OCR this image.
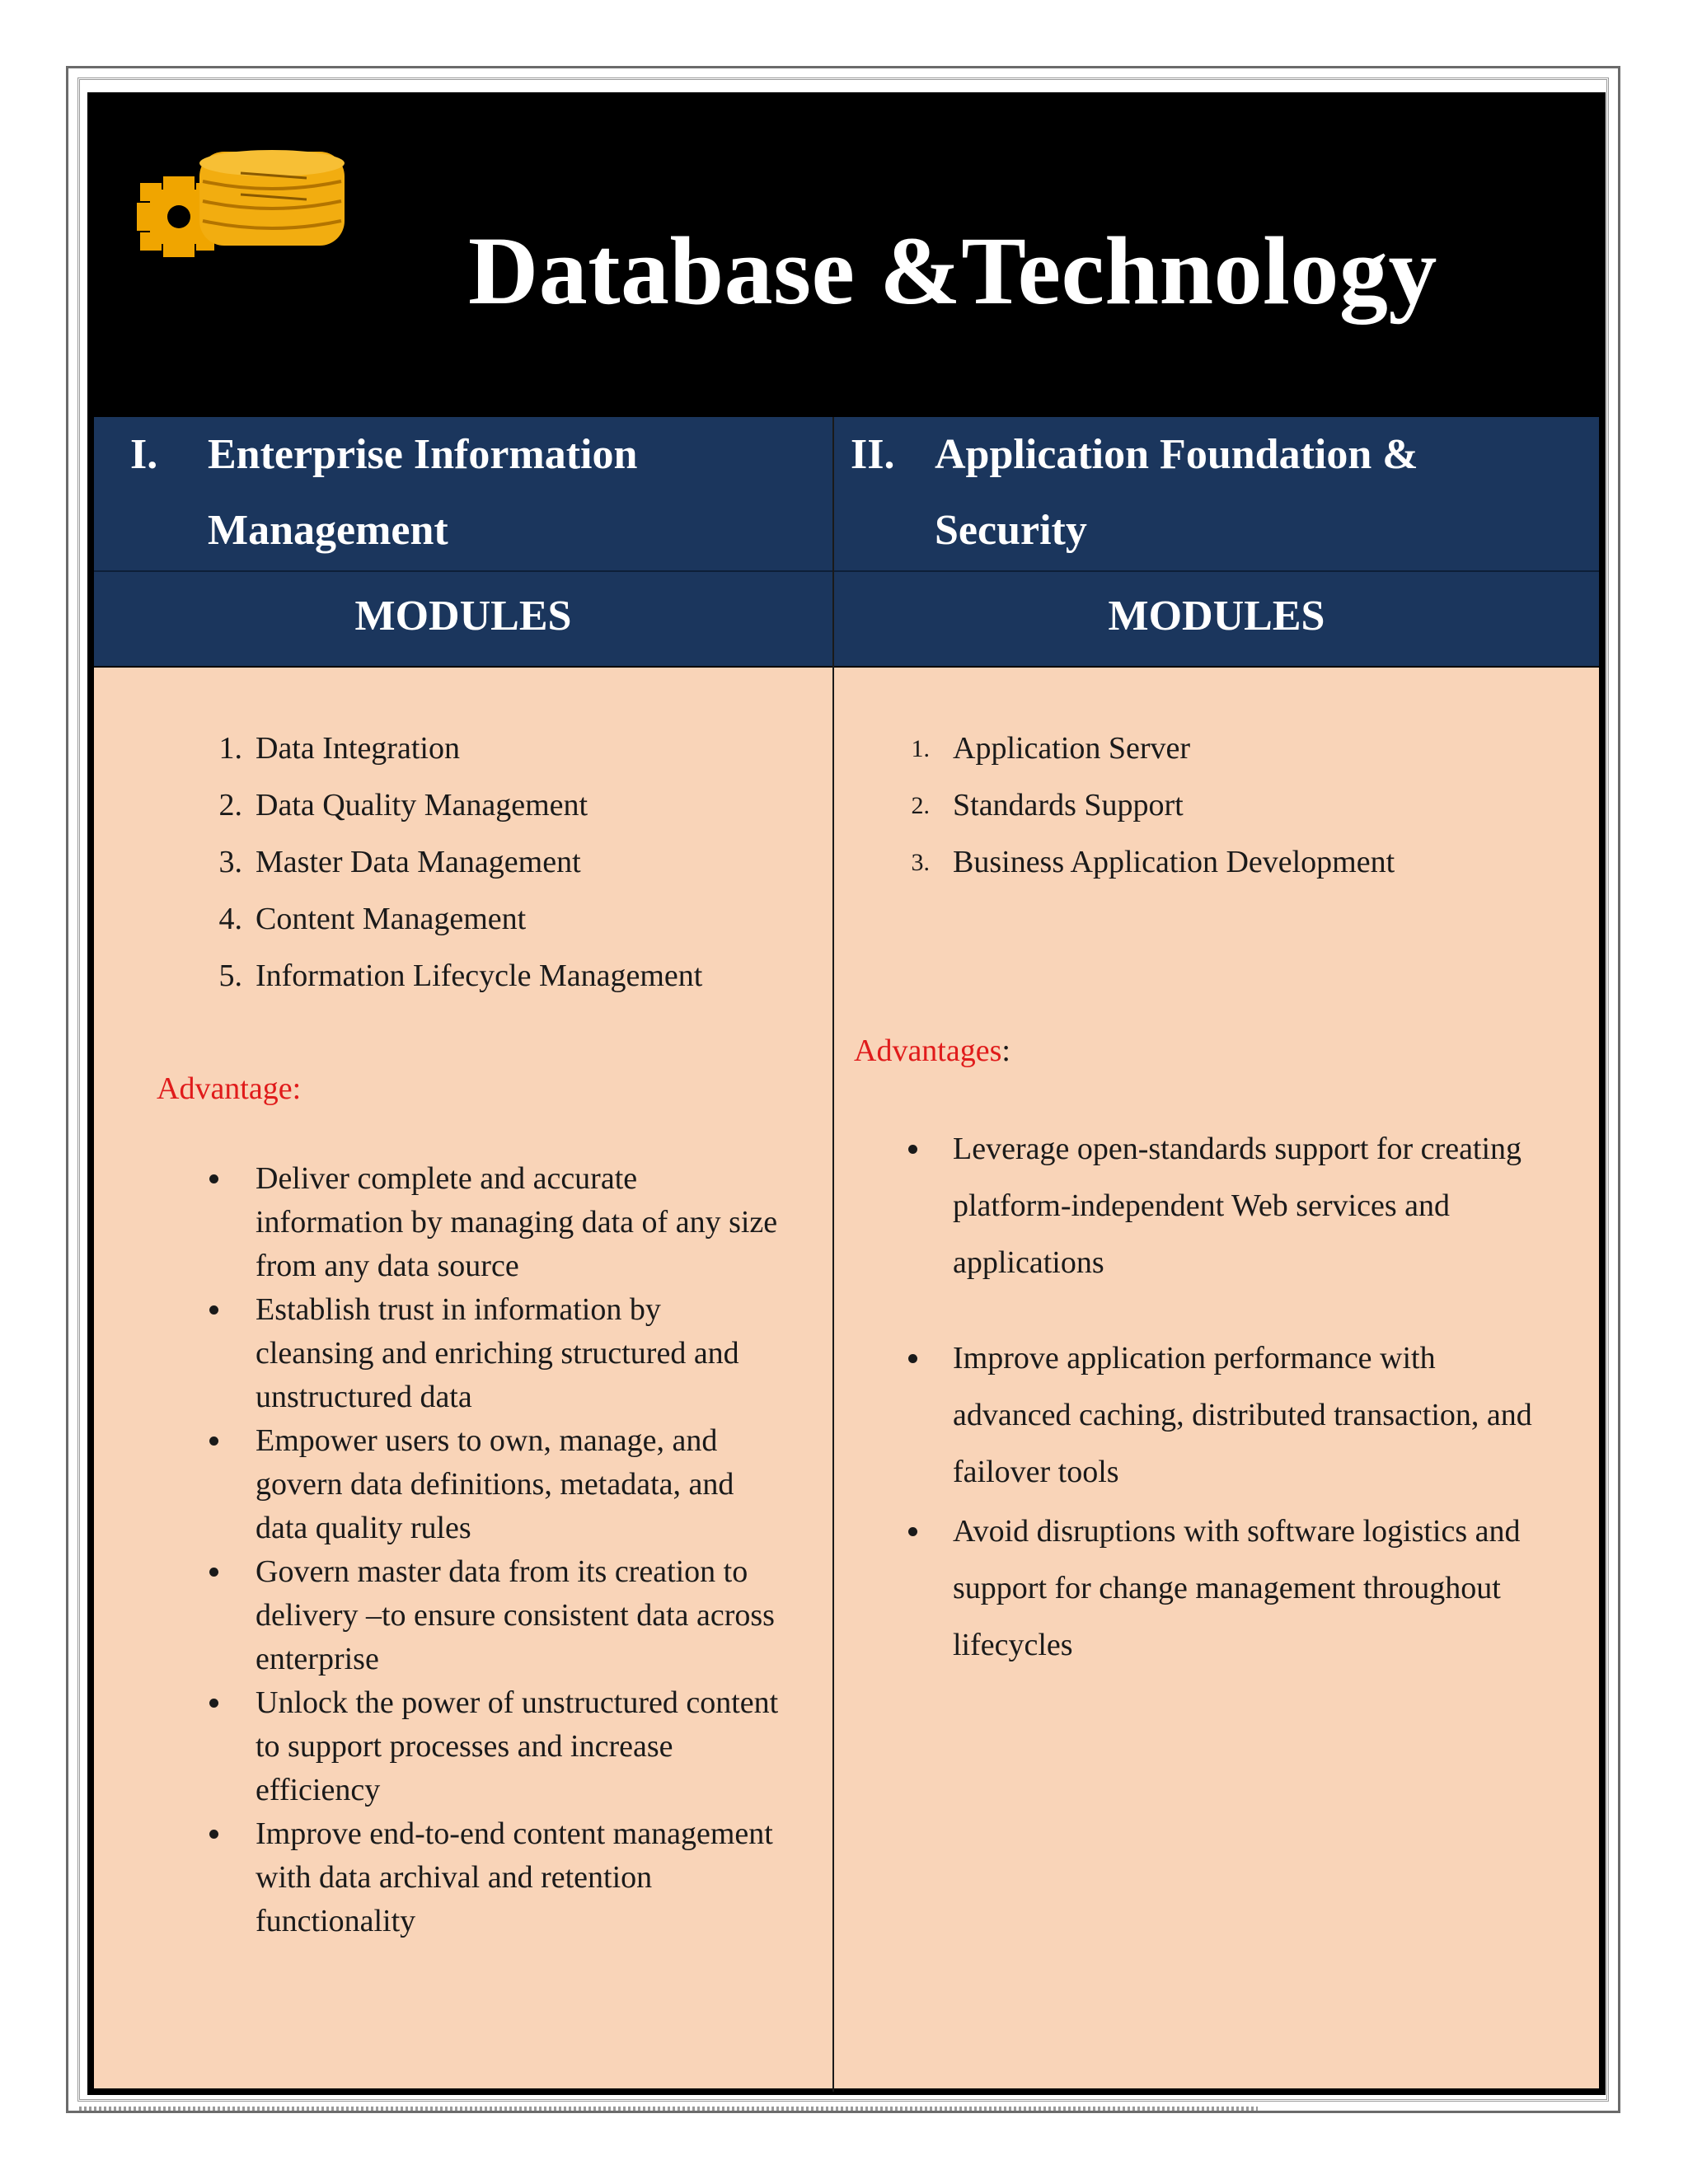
Database &Technology
I. Enterprise Information
Management
II. Application Foundation &
Security
MODULES	MODULES
1. Data Integration
2. Data Quality Management
3. Master Data Management
4. Content Management
5. Information Lifecycle Management
Advantage:
Deliver complete and accurate
information by managing data of any size
from any data source
Establish trust in information by
cleansing and enriching structured and
unstructured data
Empower users to own, manage, and
govern data definitions, metadata, and
data quality rules
Govern master data from its creation to
delivery –to ensure consistent data across
enterprise
Unlock the power of unstructured content
to support processes and increase
efficiency
Improve end-to-end content management
with data archival and retention
functionality
1. Application Server
2. Standards Support
3. Business Application Development
Advantages:
Leverage open-standards support for creating
platform-independent Web services and
applications
Improve application performance with
advanced caching, distributed transaction, and
failover tools
Avoid disruptions with software logistics and
support for change management throughout
lifecycles
